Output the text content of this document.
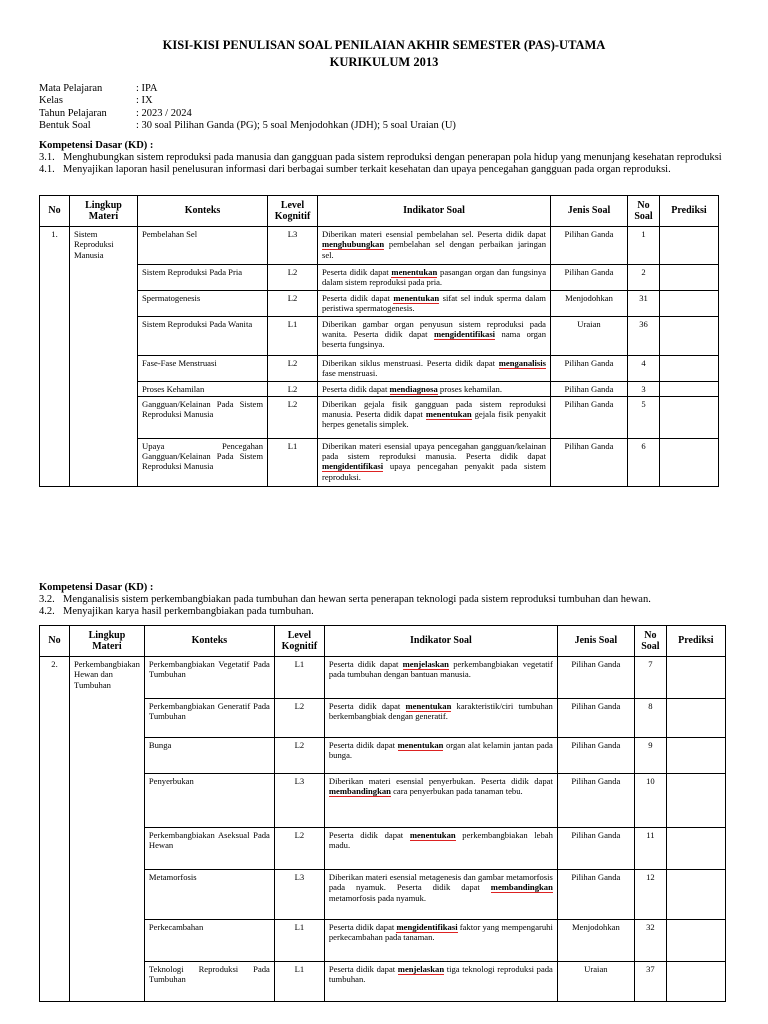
KISI-KISI PENULISAN SOAL PENILAIAN AKHIR SEMESTER (PAS)-UTAMA
KURIKULUM 2013
Mata Pelajaran	: IPA
Kelas	: IX
Tahun Pelajaran	: 2023 / 2024
Bentuk Soal	: 30 soal Pilihan Ganda (PG); 5 soal Menjodohkan (JDH); 5 soal Uraian (U)
Kompetensi Dasar (KD) :
3.1. Menghubungkan sistem reproduksi pada manusia dan gangguan pada sistem reproduksi dengan penerapan pola hidup yang menunjang kesehatan reproduksi
4.1. Menyajikan laporan hasil penelusuran informasi dari berbagai sumber terkait kesehatan dan upaya pencegahan gangguan pada organ reproduksi.
No	Lingkup Materi	Konteks	Level Kognitif	Indikator Soal	Jenis Soal	No Soal	Prediksi
1.	Sistem Reproduksi Manusia	Pembelahan Sel	L3	Diberikan materi esensial pembelahan sel. Peserta didik dapat menghubungkan pembelahan sel dengan perbaikan jaringan sel.	Pilihan Ganda	1	
		Sistem Reproduksi Pada Pria	L2	Peserta didik dapat menentukan pasangan organ dan fungsinya dalam sistem reproduksi pada pria.	Pilihan Ganda	2	
		Spermatogenesis	L2	Peserta didik dapat menentukan sifat sel induk sperma dalam peristiwa spermatogenesis.	Menjodohkan	31	
		Sistem Reproduksi Pada Wanita	L1	Diberikan gambar organ penyusun sistem reproduksi pada wanita. Peserta didik dapat mengidentifikasi nama organ beserta fungsinya.	Uraian	36	
		Fase-Fase Menstruasi	L2	Diberikan siklus menstruasi. Peserta didik dapat menganalisis fase menstruasi.	Pilihan Ganda	4	
		Proses Kehamilan	L2	Peserta didik dapat mendiagnosa proses kehamilan.	Pilihan Ganda	3	
		Gangguan/Kelainan Pada Sistem Reproduksi Manusia	L2	Diberikan gejala fisik gangguan pada sistem reproduksi manusia. Peserta didik dapat menentukan gejala fisik penyakit herpes genetalis simplek.	Pilihan Ganda	5	
		Upaya Pencegahan Gangguan/Kelainan Pada Sistem Reproduksi Manusia	L1	Diberikan materi esensial upaya pencegahan gangguan/kelainan pada sistem reproduksi manusia. Peserta didik dapat mengidentifikasi upaya pencegahan penyakit pada sistem reproduksi.	Pilihan Ganda	6	
Kompetensi Dasar (KD) :
3.2. Menganalisis sistem perkembangbiakan pada tumbuhan dan hewan serta penerapan teknologi pada sistem reproduksi tumbuhan dan hewan.
4.2. Menyajikan karya hasil perkembangbiakan pada tumbuhan.
No	Lingkup Materi	Konteks	Level Kognitif	Indikator Soal	Jenis Soal	No Soal	Prediksi
2.	Perkembangbiakan Hewan dan Tumbuhan	Perkembangbiakan Vegetatif Pada Tumbuhan	L1	Peserta didik dapat menjelaskan perkembangbiakan vegetatif pada tumbuhan dengan bantuan manusia.	Pilihan Ganda	7	
		Perkembangbiakan Generatif Pada Tumbuhan	L2	Peserta didik dapat menentukan karakteristik/ciri tumbuhan berkembangbiak dengan generatif.	Pilihan Ganda	8	
		Bunga	L2	Peserta didik dapat menentukan organ alat kelamin jantan pada bunga.	Pilihan Ganda	9	
		Penyerbukan	L3	Diberikan materi esensial penyerbukan. Peserta didik dapat membandingkan cara penyerbukan pada tanaman tebu.	Pilihan Ganda	10	
		Perkembangbiakan Aseksual Pada Hewan	L2	Peserta didik dapat menentukan perkembangbiakan lebah madu.	Pilihan Ganda	11	
		Metamorfosis	L3	Diberikan materi esensial metagenesis dan gambar metamorfosis pada nyamuk. Peserta didik dapat membandingkan metamorfosis pada nyamuk.	Pilihan Ganda	12	
		Perkecambahan	L1	Peserta didik dapat mengidentifikasi faktor yang mempengaruhi perkecambahan pada tanaman.	Menjodohkan	32	
		Teknologi Reproduksi Pada Tumbuhan	L1	Peserta didik dapat menjelaskan tiga teknologi reproduksi pada tumbuhan.	Uraian	37	
